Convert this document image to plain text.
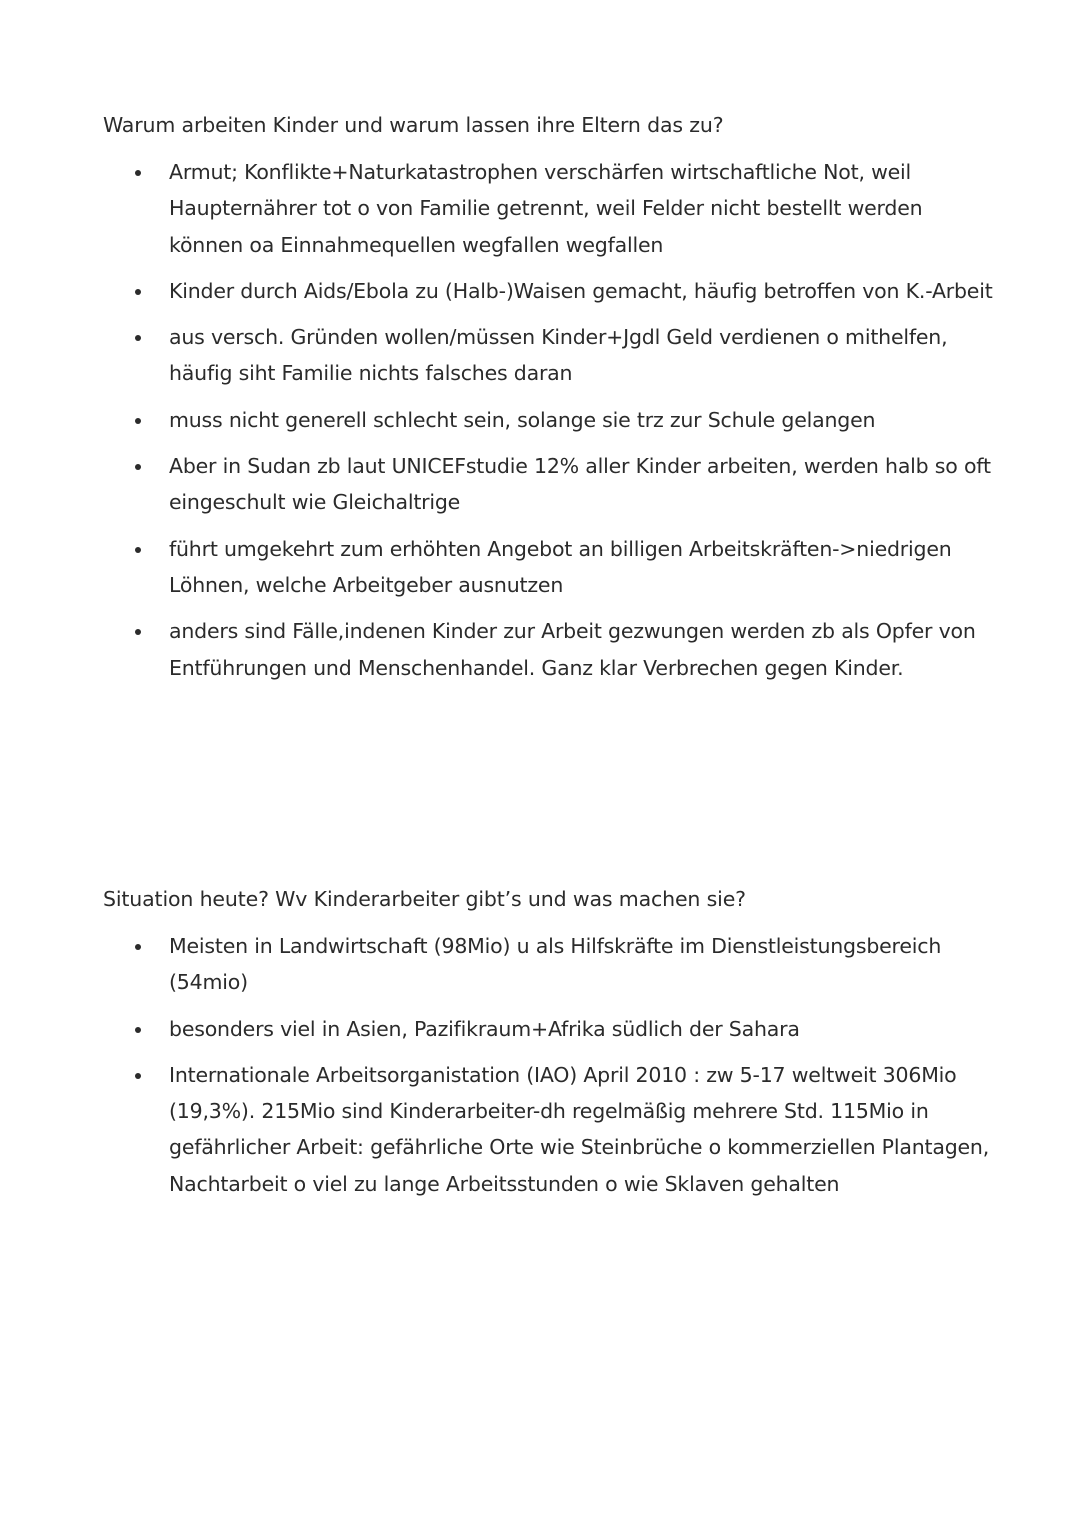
Warum arbeiten Kinder und warum lassen ihre Eltern das zu?
Armut; Konflikte+Naturkatastrophen verschärfen wirtschaftliche Not, weil Haupternährer tot o von Familie getrennt, weil Felder nicht bestellt werden können oa Einnahmequellen wegfallen wegfallen
Kinder durch Aids/Ebola zu (Halb-)Waisen gemacht, häufig betroffen von K.-Arbeit
aus versch. Gründen wollen/müssen Kinder+Jgdl Geld verdienen o mithelfen, häufig siht Familie nichts falsches daran
muss nicht generell schlecht sein, solange sie trz zur Schule gelangen
Aber in Sudan zb laut UNICEFstudie 12% aller Kinder arbeiten, werden halb so oft eingeschult wie Gleichaltrige
führt umgekehrt zum erhöhten Angebot an billigen Arbeitskräften->niedrigen Löhnen, welche Arbeitgeber ausnutzen
anders sind Fälle,indenen Kinder zur Arbeit gezwungen werden zb als Opfer von Entführungen und Menschenhandel. Ganz klar Verbrechen gegen Kinder.
Situation heute? Wv Kinderarbeiter gibt’s und was machen sie?
Meisten in Landwirtschaft (98Mio) u als Hilfskräfte im Dienstleistungsbereich (54mio)
besonders viel in Asien, Pazifikraum+Afrika südlich der Sahara
Internationale Arbeitsorganistation (IAO) April 2010 : zw 5-17 weltweit 306Mio (19,3%). 215Mio sind Kinderarbeiter-dh regelmäßig mehrere Std. 115Mio in gefährlicher Arbeit: gefährliche Orte wie Steinbrüche o kommerziellen Plantagen, Nachtarbeit o viel zu lange Arbeitsstunden o wie Sklaven gehalten
